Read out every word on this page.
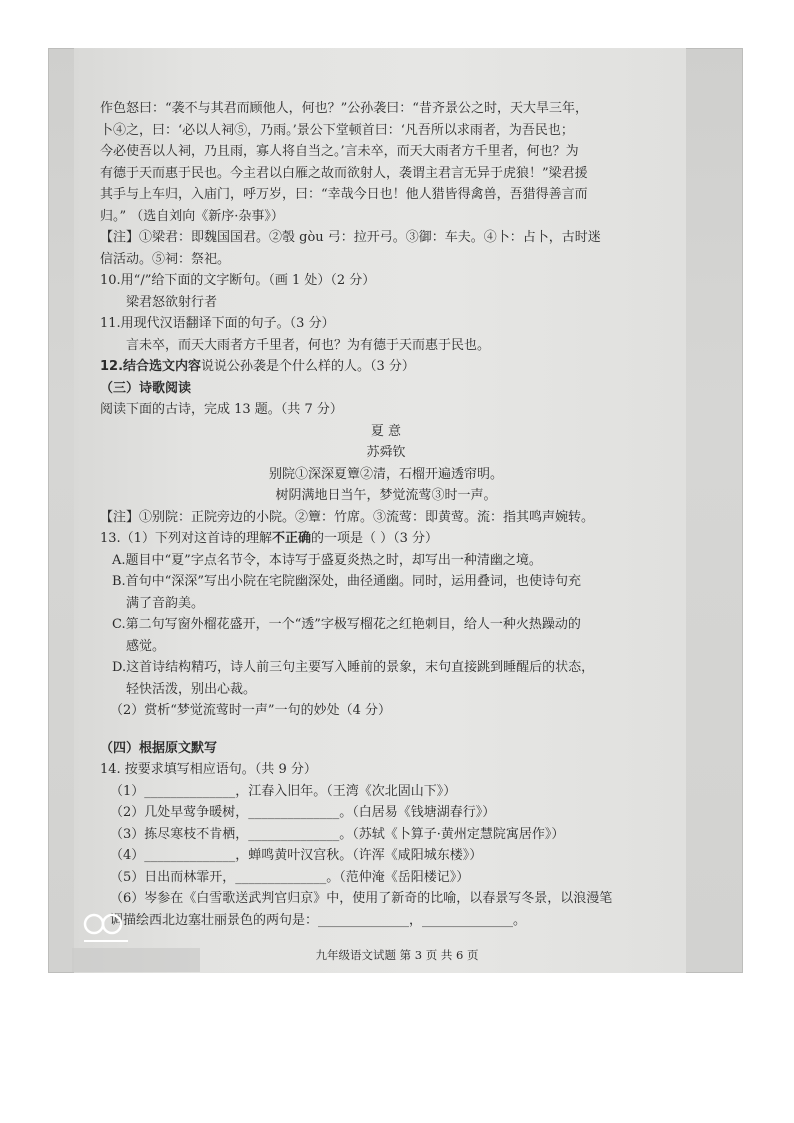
作色怒曰：“袭不与其君而顾他人，何也？”公孙袭曰：“昔齐景公之时，天大旱三年，

卜④之，曰：‘必以人祠⑤，乃雨。’景公下堂顿首曰：‘凡吾所以求雨者，为吾民也；

今必使吾以人祠，乃且雨，寡人将自当之。’言未卒，而天大雨者方千里者，何也？为

有德于天而惠于民也。今主君以白雁之故而欲射人，袭谓主君言无异于虎狼！”梁君援

其手与上车归，入庙门，呼万岁，曰：“幸哉今日也！他人猎皆得禽兽，吾猎得善言而

归。” （选自刘向《新序·杂事》）

【注】①梁君：即魏国国君。②彀 gòu 弓：拉开弓。③御：车夫。④卜：占卜，古时迷

信活动。⑤祠：祭祀。

10.用“/”给下面的文字断句。（画 1 处）（2 分）

梁君怒欲射行者

11.用现代汉语翻译下面的句子。（3 分）

言未卒，而天大雨者方千里者，何也？为有德于天而惠于民也。

12.结合选文内容说说公孙袭是个什么样的人。（3 分）

（三）诗歌阅读

阅读下面的古诗，完成 13 题。（共 7 分）

夏 意

苏舜钦

别院①深深夏簟②清，石榴开遍透帘明。

树阴满地日当午，梦觉流莺③时一声。

【注】①别院：正院旁边的小院。②簟：竹席。③流莺：即黄莺。流：指其鸣声婉转。

13.（1）下列对这首诗的理解不正确的一项是（ ）（3 分）

A.题目中“夏”字点名节令，本诗写于盛夏炎热之时，却写出一种清幽之境。

B.首句中“深深”写出小院在宅院幽深处，曲径通幽。同时，运用叠词，也使诗句充

满了音韵美。

C.第二句写窗外榴花盛开，一个“透”字极写榴花之红艳刺目，给人一种火热躁动的

感觉。

D.这首诗结构精巧，诗人前三句主要写入睡前的景象，末句直接跳到睡醒后的状态，

轻快活泼，别出心裁。

（2）赏析“梦觉流莺时一声”一句的妙处（4 分）

（四）根据原文默写

14. 按要求填写相应语句。（共 9 分）

（1）______________，江春入旧年。（王湾《次北固山下》）

（2）几处早莺争暖树，______________。（白居易《钱塘湖春行》）

（3）拣尽寒枝不肯栖，______________。（苏轼《卜算子·黄州定慧院寓居作》）

（4）______________，蝉鸣黄叶汉宫秋。（许浑《咸阳城东楼》）

（5）日出而林霏开，______________。（范仲淹《岳阳楼记》）

（6）岑参在《白雪歌送武判官归京》中，使用了新奇的比喻，以春景写冬景，以浪漫笔

调描绘西北边塞壮丽景色的两句是：______________，______________。

九年级语文试题 第 3 页 共 6 页
